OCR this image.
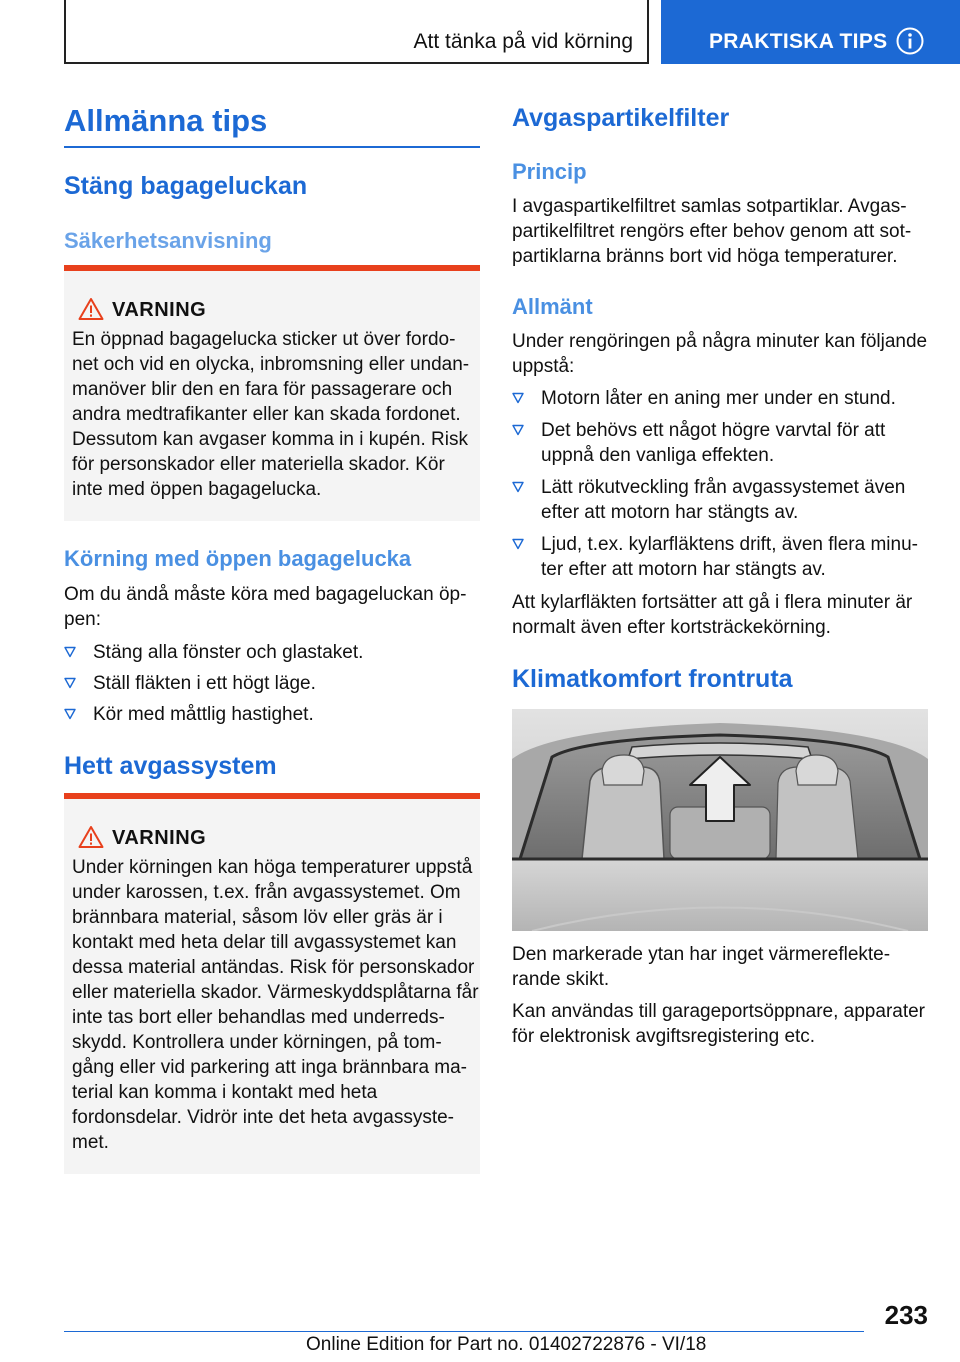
Att tänka på vid körning	PRAKTISKA TIPS
Allmänna tips
Stäng bagageluckan
Säkerhetsanvisning
VARNING
En öppnad bagagelucka sticker ut över fordo-
net och vid en olycka, inbromsning eller undan-
manöver blir den en fara för passagerare och
andra medtrafikanter eller kan skada fordonet.
Dessutom kan avgaser komma in i kupén. Risk
för personskador eller materiella skador. Kör
inte med öppen bagagelucka.
Körning med öppen bagagelucka
Om du ändå måste köra med bagageluckan öp-
pen:
Stäng alla fönster och glastaket.
Ställ fläkten i ett högt läge.
Kör med måttlig hastighet.
Hett avgassystem
VARNING
Under körningen kan höga temperaturer uppstå
under karossen, t.ex. från avgassystemet. Om
brännbara material, såsom löv eller gräs är i
kontakt med heta delar till avgassystemet kan
dessa material antändas. Risk för personskador
eller materiella skador. Värmeskyddsplåtarna får
inte tas bort eller behandlas med underreds-
skydd. Kontrollera under körningen, på tom-
gång eller vid parkering att inga brännbara ma-
terial kan komma i kontakt med heta
fordonsdelar. Vidrör inte det heta avgassyste-
met.
Avgaspartikelfilter
Princip
I avgaspartikelfiltret samlas sotpartiklar. Avgas-
partikelfiltret rengörs efter behov genom att sot-
partiklarna bränns bort vid höga temperaturer.
Allmänt
Under rengöringen på några minuter kan följande
uppstå:
Motorn låter en aning mer under en stund.
Det behövs ett något högre varvtal för att
uppnå den vanliga effekten.
Lätt rökutveckling från avgassystemet även
efter att motorn har stängts av.
Ljud, t.ex. kylarfläktens drift, även flera minu-
ter efter att motorn har stängts av.
Att kylarfläkten fortsätter att gå i flera minuter är
normalt även efter kortsträckekörning.
Klimatkomfort frontruta
Den markerade ytan har inget värmereflekte-
rande skikt.
Kan användas till garageportsöppnare, apparater
för elektronisk avgiftsregistering etc.
233
Online Edition for Part no. 01402722876 - VI/18
